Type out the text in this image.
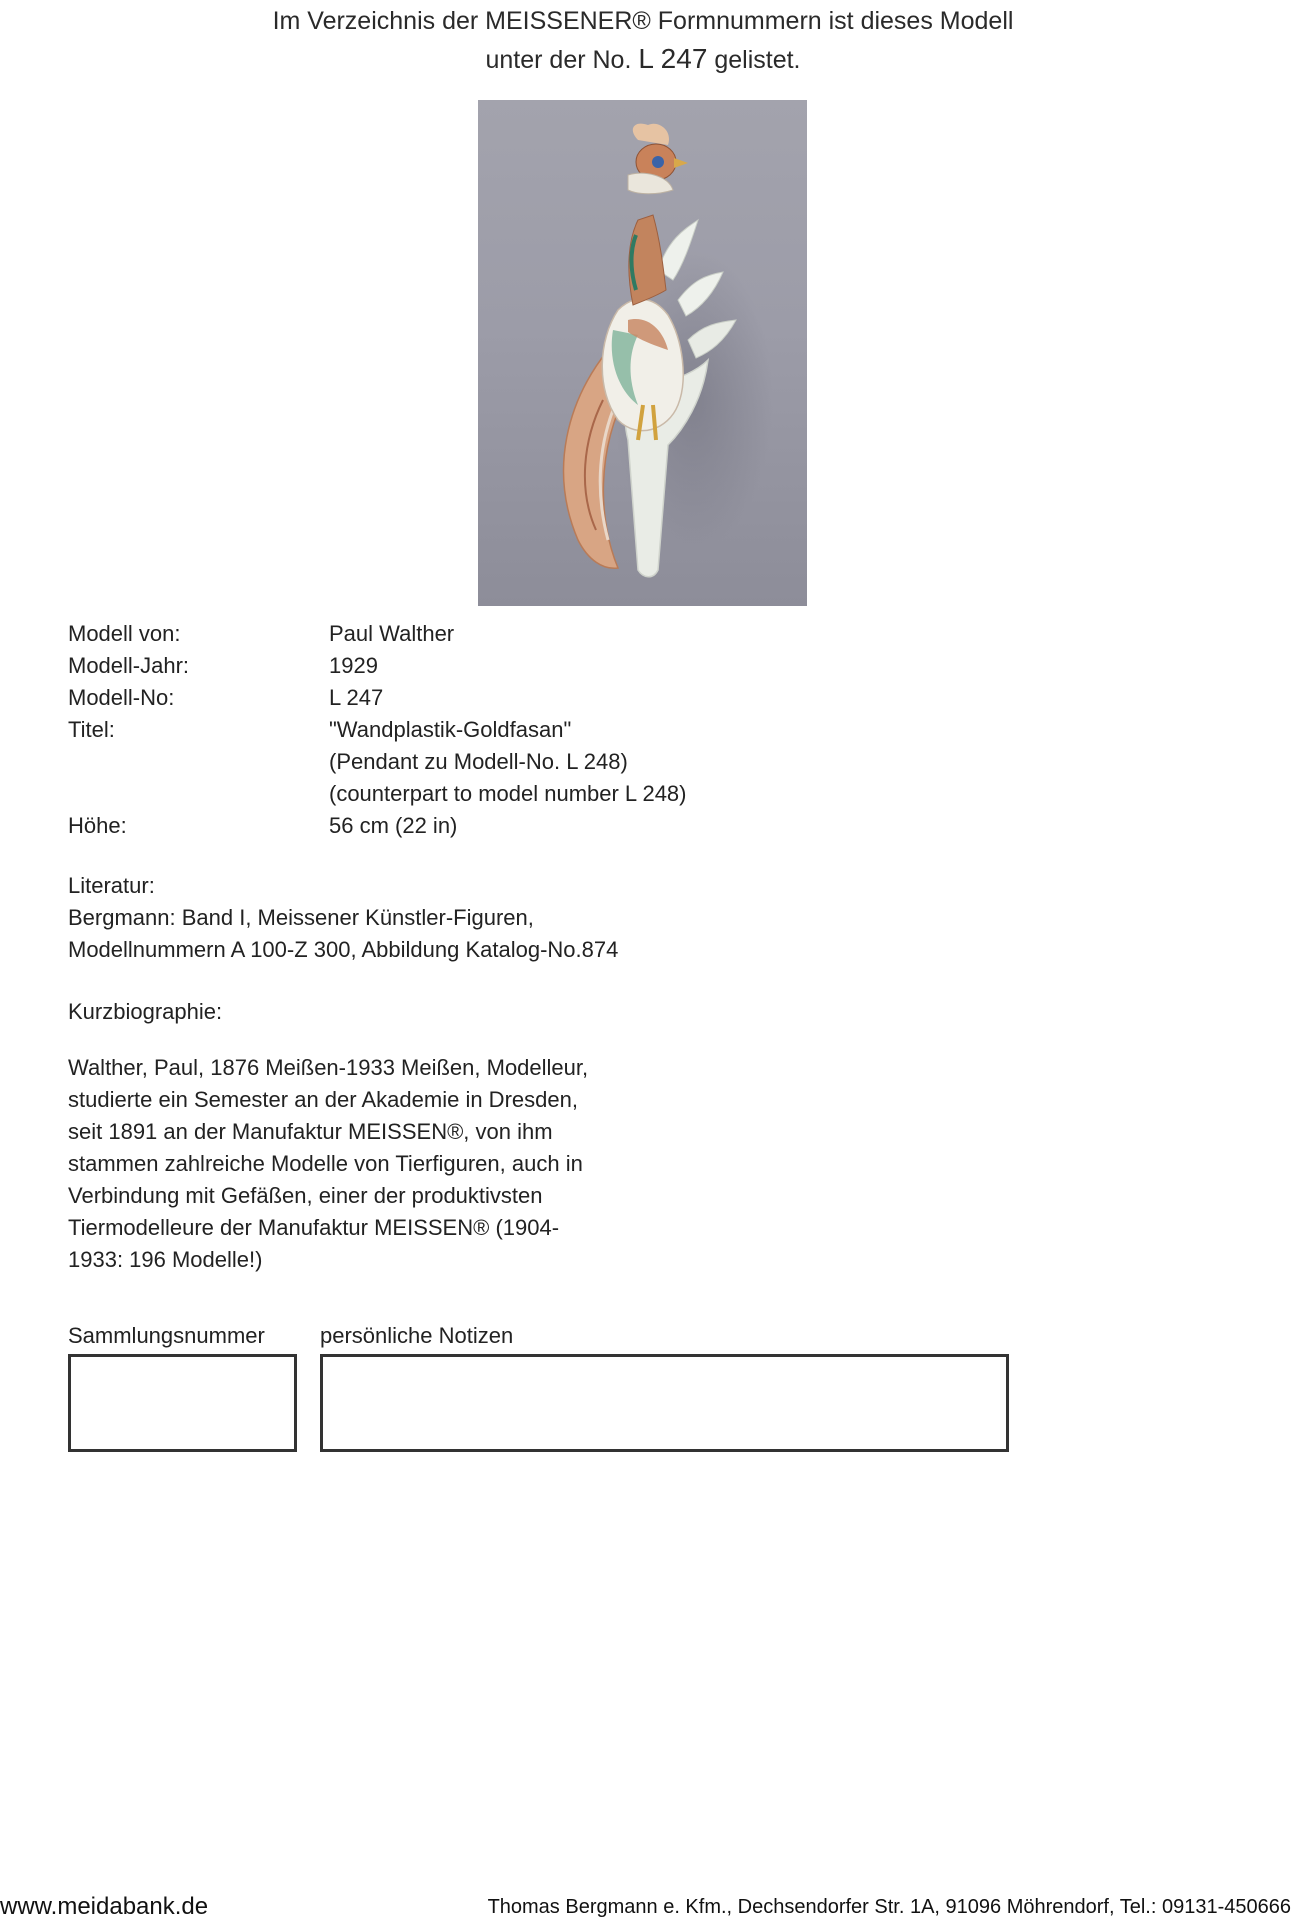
Im Verzeichnis der MEISSENER® Formnummern ist dieses Modell
unter der No. L 247 gelistet.
Modell von:	Paul Walther
Modell-Jahr:	1929
Modell-No:	L 247
Titel:	"Wandplastik-Goldfasan"
(Pendant zu Modell-No. L 248)
(counterpart to model number L 248)
Höhe:	56 cm (22 in)
Literatur:
Bergmann: Band I, Meissener Künstler-Figuren,
Modellnummern A 100-Z 300, Abbildung Katalog-No.874
Kurzbiographie:
Walther, Paul, 1876 Meißen-1933 Meißen, Modelleur,
studierte ein Semester an der Akademie in Dresden,
seit 1891 an der Manufaktur MEISSEN®, von ihm
stammen zahlreiche Modelle von Tierfiguren, auch in
Verbindung mit Gefäßen, einer der produktivsten
Tiermodelleure der Manufaktur MEISSEN® (1904-
1933: 196 Modelle!)
Sammlungsnummer	persönliche Notizen
www.meidabank.de	Thomas Bergmann e. Kfm., Dechsendorfer Str. 1A, 91096 Möhrendorf, Tel.: 09131-450666
